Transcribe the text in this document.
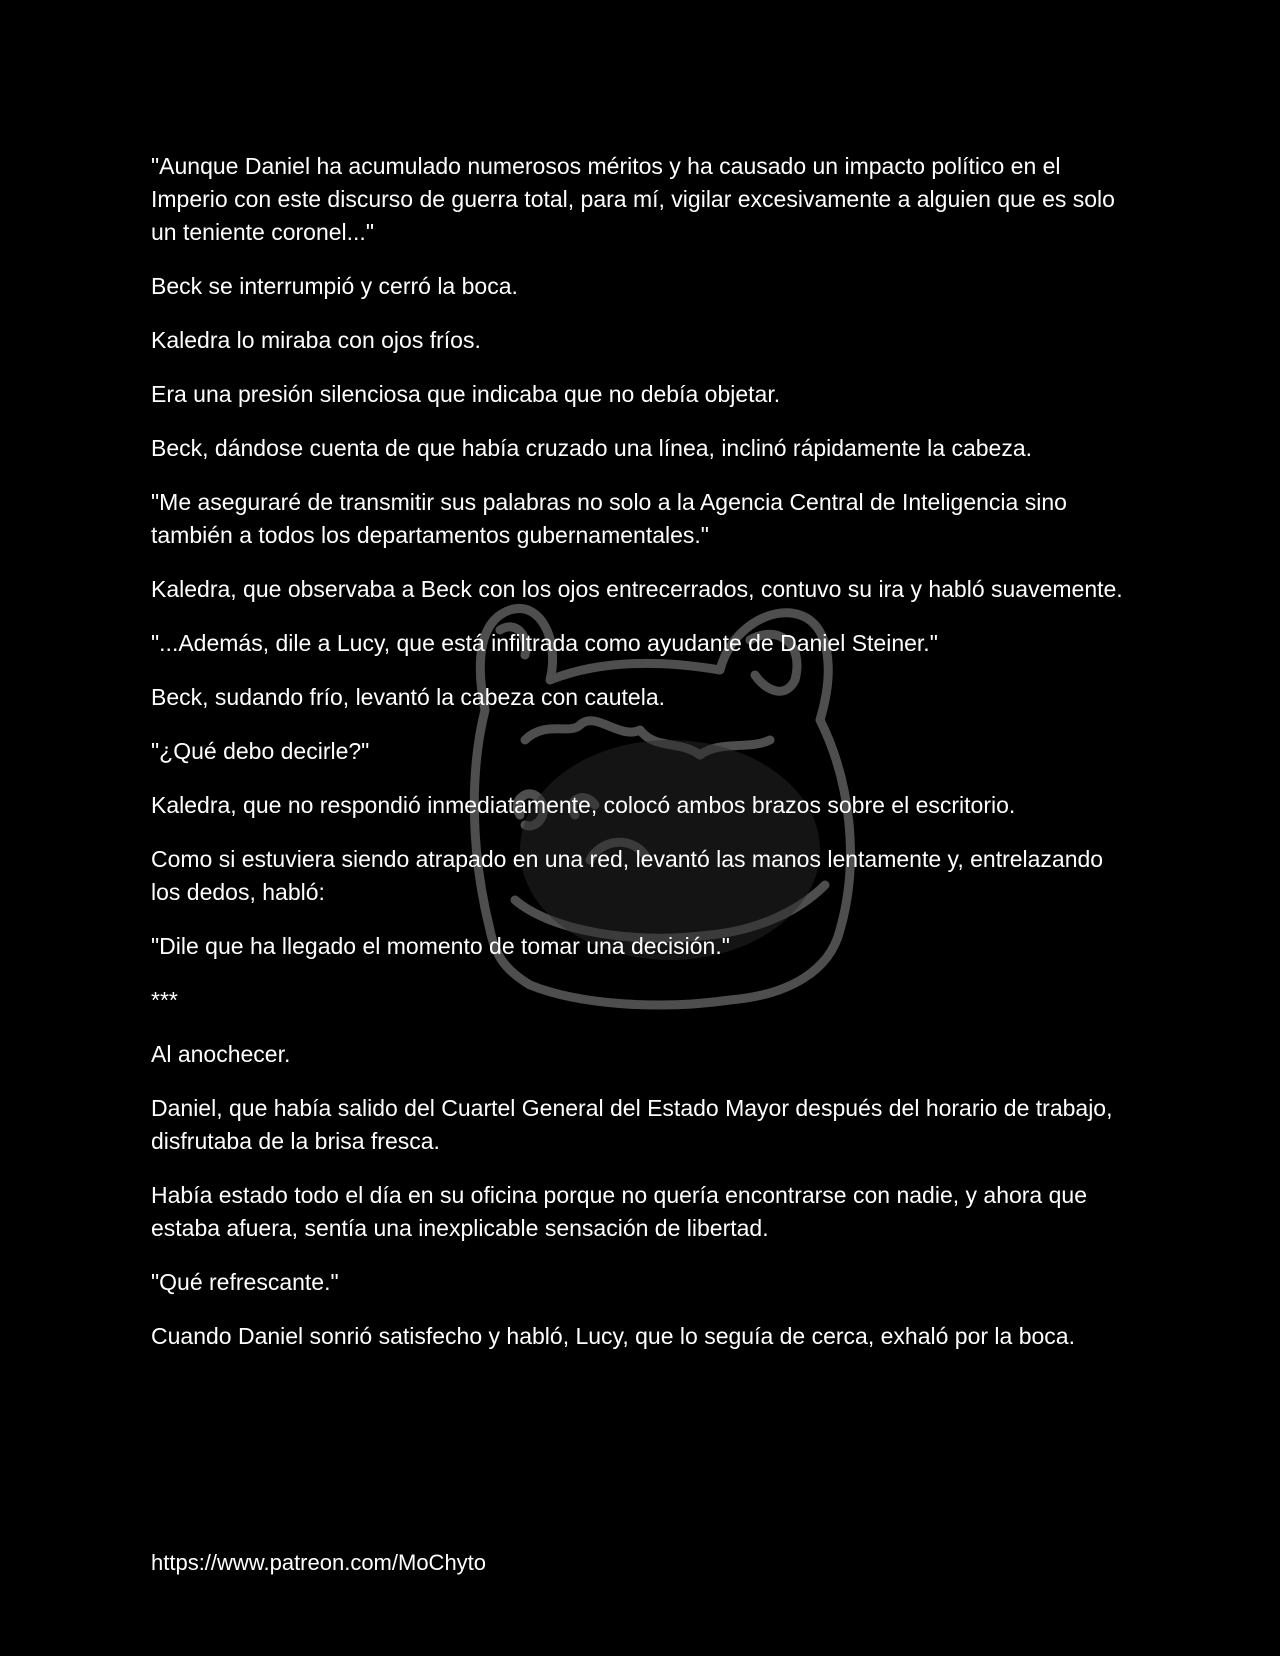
"Aunque Daniel ha acumulado numerosos méritos y ha causado un impacto político en el Imperio con este discurso de guerra total, para mí, vigilar excesivamente a alguien que es solo un teniente coronel..."

Beck se interrumpió y cerró la boca.

Kaledra lo miraba con ojos fríos.

Era una presión silenciosa que indicaba que no debía objetar.

Beck, dándose cuenta de que había cruzado una línea, inclinó rápidamente la cabeza.

"Me aseguraré de transmitir sus palabras no solo a la Agencia Central de Inteligencia sino también a todos los departamentos gubernamentales."

Kaledra, que observaba a Beck con los ojos entrecerrados, contuvo su ira y habló suavemente.

"...Además, dile a Lucy, que está infiltrada como ayudante de Daniel Steiner."

Beck, sudando frío, levantó la cabeza con cautela.

"¿Qué debo decirle?"

Kaledra, que no respondió inmediatamente, colocó ambos brazos sobre el escritorio.

Como si estuviera siendo atrapado en una red, levantó las manos lentamente y, entrelazando los dedos, habló:

"Dile que ha llegado el momento de tomar una decisión."

***

Al anochecer.

Daniel, que había salido del Cuartel General del Estado Mayor después del horario de trabajo, disfrutaba de la brisa fresca.

Había estado todo el día en su oficina porque no quería encontrarse con nadie, y ahora que estaba afuera, sentía una inexplicable sensación de libertad.

"Qué refrescante."

Cuando Daniel sonrió satisfecho y habló, Lucy, que lo seguía de cerca, exhaló por la boca.

https://www.patreon.com/MoChyto
